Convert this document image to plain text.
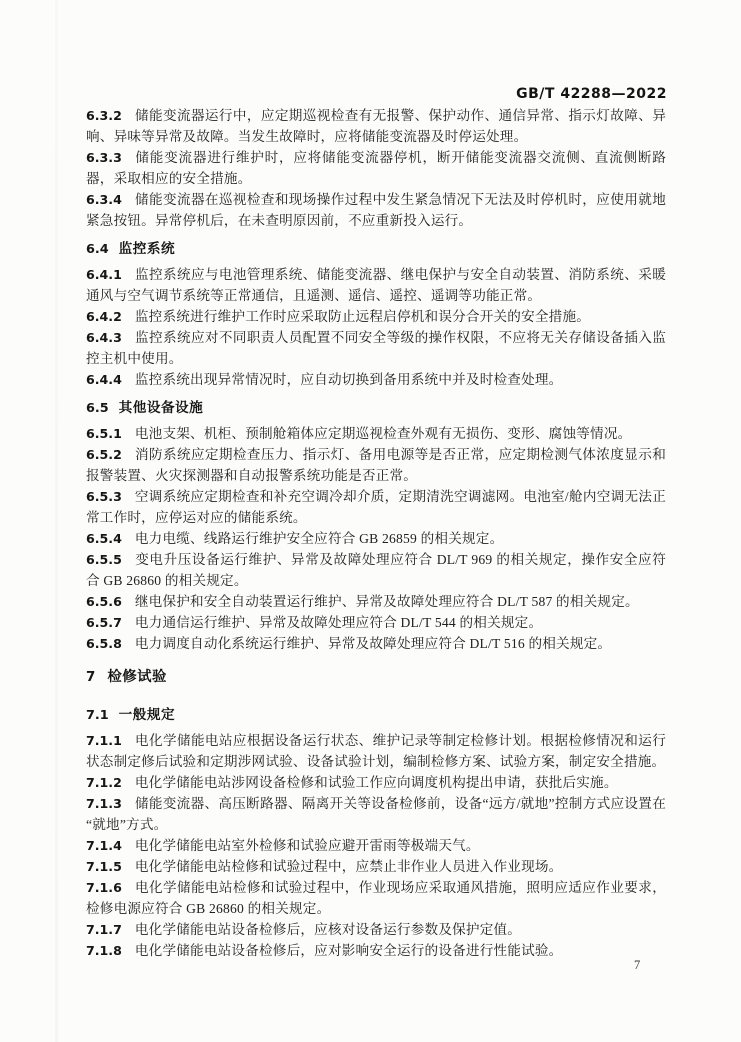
GB/T 42288—2022

6.3.2 储能变流器运行中，应定期巡视检查有无报警、保护动作、通信异常、指示灯故障、异响、异味等异常及故障。当发生故障时，应将储能变流器及时停运处理。

6.3.3 储能变流器进行维护时，应将储能变流器停机，断开储能变流器交流侧、直流侧断路器，采取相应的安全措施。

6.3.4 储能变流器在巡视检查和现场操作过程中发生紧急情况下无法及时停机时，应使用就地紧急按钮。异常停机后，在未查明原因前，不应重新投入运行。

6.4 监控系统

6.4.1 监控系统应与电池管理系统、储能变流器、继电保护与安全自动装置、消防系统、采暖通风与空气调节系统等正常通信，且遥测、遥信、遥控、遥调等功能正常。

6.4.2 监控系统进行维护工作时应采取防止远程启停机和误分合开关的安全措施。

6.4.3 监控系统应对不同职责人员配置不同安全等级的操作权限，不应将无关存储设备插入监控主机中使用。

6.4.4 监控系统出现异常情况时，应自动切换到备用系统中并及时检查处理。

6.5 其他设备设施

6.5.1 电池支架、机柜、预制舱箱体应定期巡视检查外观有无损伤、变形、腐蚀等情况。

6.5.2 消防系统应定期检查压力、指示灯、备用电源等是否正常，应定期检测气体浓度显示和报警装置、火灾探测器和自动报警系统功能是否正常。

6.5.3 空调系统应定期检查和补充空调冷却介质，定期清洗空调滤网。电池室/舱内空调无法正常工作时，应停运对应的储能系统。

6.5.4 电力电缆、线路运行维护安全应符合 GB 26859 的相关规定。

6.5.5 变电升压设备运行维护、异常及故障处理应符合 DL/T 969 的相关规定，操作安全应符合 GB 26860 的相关规定。

6.5.6 继电保护和安全自动装置运行维护、异常及故障处理应符合 DL/T 587 的相关规定。

6.5.7 电力通信运行维护、异常及故障处理应符合 DL/T 544 的相关规定。

6.5.8 电力调度自动化系统运行维护、异常及故障处理应符合 DL/T 516 的相关规定。

7 检修试验

7.1 一般规定

7.1.1 电化学储能电站应根据设备运行状态、维护记录等制定检修计划。根据检修情况和运行状态制定修后试验和定期涉网试验、设备试验计划，编制检修方案、试验方案，制定安全措施。

7.1.2 电化学储能电站涉网设备检修和试验工作应向调度机构提出申请，获批后实施。

7.1.3 储能变流器、高压断路器、隔离开关等设备检修前，设备“远方/就地”控制方式应设置在“就地”方式。

7.1.4 电化学储能电站室外检修和试验应避开雷雨等极端天气。

7.1.5 电化学储能电站检修和试验过程中，应禁止非作业人员进入作业现场。

7.1.6 电化学储能电站检修和试验过程中，作业现场应采取通风措施，照明应适应作业要求，检修电源应符合 GB 26860 的相关规定。

7.1.7 电化学储能电站设备检修后，应核对设备运行参数及保护定值。

7.1.8 电化学储能电站设备检修后，应对影响安全运行的设备进行性能试验。

7
